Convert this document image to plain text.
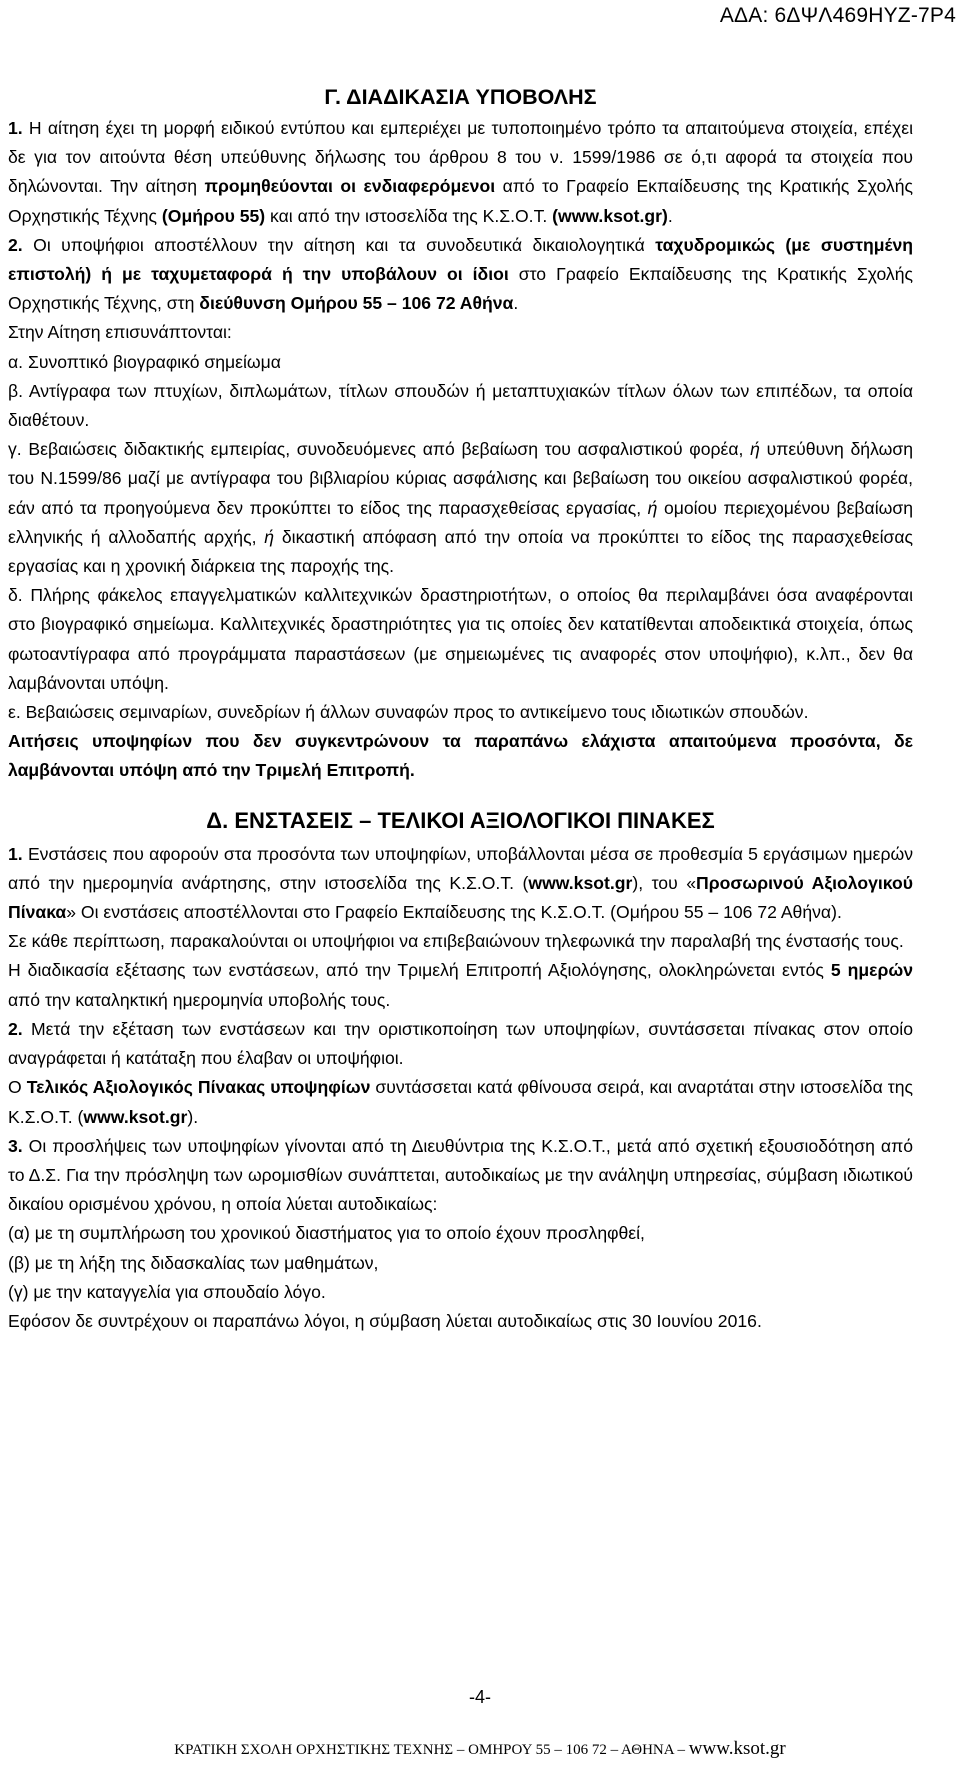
ΑΔΑ: 6ΔΨΛ469ΗΥΖ-7Ρ4
Γ. ΔΙΑΔΙΚΑΣΙΑ ΥΠΟΒΟΛΗΣ

1. Η αίτηση έχει τη μορφή ειδικού εντύπου και εμπεριέχει με τυποποιημένο τρόπο τα απαιτούμενα στοιχεία, επέχει δε για τον αιτούντα θέση υπεύθυνης δήλωσης του άρθρου 8 του ν. 1599/1986 σε ό,τι αφορά τα στοιχεία που δηλώνονται. Την αίτηση προμηθεύονται οι ενδιαφερόμενοι από το Γραφείο Εκπαίδευσης της Κρατικής Σχολής Ορχηστικής Τέχνης (Ομήρου 55) και από την ιστοσελίδα της Κ.Σ.Ο.Τ. (www.ksot.gr).

2. Οι υποψήφιοι αποστέλλουν την αίτηση και τα συνοδευτικά δικαιολογητικά ταχυδρομικώς (με συστημένη επιστολή) ή με ταχυμεταφορά ή την υποβάλουν οι ίδιοι στο Γραφείο Εκπαίδευσης της Κρατικής Σχολής Ορχηστικής Τέχνης, στη διεύθυνση Ομήρου 55 – 106 72 Αθήνα.

Στην Αίτηση επισυνάπτονται:

α. Συνοπτικό βιογραφικό σημείωμα

β. Αντίγραφα των πτυχίων, διπλωμάτων, τίτλων σπουδών ή μεταπτυχιακών τίτλων όλων των επιπέδων, τα οποία διαθέτουν.

γ. Βεβαιώσεις διδακτικής εμπειρίας, συνοδευόμενες από βεβαίωση του ασφαλιστικού φορέα, ή υπεύθυνη δήλωση του Ν.1599/86 μαζί με αντίγραφα του βιβλιαρίου κύριας ασφάλισης και βεβαίωση του οικείου ασφαλιστικού φορέα, εάν από τα προηγούμενα δεν προκύπτει το είδος της παρασχεθείσας εργασίας, ή ομοίου περιεχομένου βεβαίωση ελληνικής ή αλλοδαπής αρχής, ή δικαστική απόφαση από την οποία να προκύπτει το είδος της παρασχεθείσας εργασίας και η χρονική διάρκεια της παροχής της.

δ. Πλήρης φάκελος επαγγελματικών καλλιτεχνικών δραστηριοτήτων, ο οποίος θα περιλαμβάνει όσα αναφέρονται στο βιογραφικό σημείωμα. Καλλιτεχνικές δραστηριότητες για τις οποίες δεν κατατίθενται αποδεικτικά στοιχεία, όπως φωτοαντίγραφα από προγράμματα παραστάσεων (με σημειωμένες τις αναφορές στον υποψήφιο), κ.λπ., δεν θα λαμβάνονται υπόψη.

ε. Βεβαιώσεις σεμιναρίων, συνεδρίων ή άλλων συναφών προς το αντικείμενο τους ιδιωτικών σπουδών.

Αιτήσεις υποψηφίων που δεν συγκεντρώνουν τα παραπάνω ελάχιστα απαιτούμενα προσόντα, δε λαμβάνονται υπόψη από την Τριμελή Επιτροπή.

Δ. ΕΝΣΤΑΣΕΙΣ – ΤΕΛΙΚΟΙ ΑΞΙΟΛΟΓΙΚΟΙ ΠΙΝΑΚΕΣ

1. Ενστάσεις που αφορούν στα προσόντα των υποψηφίων, υποβάλλονται μέσα σε προθεσμία 5 εργάσιμων ημερών από την ημερομηνία ανάρτησης, στην ιστοσελίδα της Κ.Σ.Ο.Τ. (www.ksot.gr), του «Προσωρινού Αξιολογικού Πίνακα» Οι ενστάσεις αποστέλλονται στο Γραφείο Εκπαίδευσης της Κ.Σ.Ο.Τ. (Ομήρου 55 – 106 72 Αθήνα).

Σε κάθε περίπτωση, παρακαλούνται οι υποψήφιοι να επιβεβαιώνουν τηλεφωνικά την παραλαβή της ένστασής τους.

Η διαδικασία εξέτασης των ενστάσεων, από την Τριμελή Επιτροπή Αξιολόγησης, ολοκληρώνεται εντός 5 ημερών από την καταληκτική ημερομηνία υποβολής τους.

2. Μετά την εξέταση των ενστάσεων και την οριστικοποίηση των υποψηφίων, συντάσσεται πίνακας στον οποίο αναγράφεται ή κατάταξη που έλαβαν οι υποψήφιοι.

Ο Τελικός Αξιολογικός Πίνακας υποψηφίων συντάσσεται κατά φθίνουσα σειρά, και αναρτάται στην ιστοσελίδα της Κ.Σ.Ο.Τ. (www.ksot.gr).

3. Οι προσλήψεις των υποψηφίων γίνονται από τη Διευθύντρια της Κ.Σ.Ο.Τ., μετά από σχετική εξουσιοδότηση από το Δ.Σ. Για την πρόσληψη των ωρομισθίων συνάπτεται, αυτοδικαίως με την ανάληψη υπηρεσίας, σύμβαση ιδιωτικού δικαίου ορισμένου χρόνου, η οποία λύεται αυτοδικαίως:

(α) με τη συμπλήρωση του χρονικού διαστήματος για το οποίο έχουν προσληφθεί,

(β) με τη λήξη της διδασκαλίας των μαθημάτων,

(γ) με την καταγγελία για σπουδαίο λόγο.

Εφόσον δε συντρέχουν οι παραπάνω λόγοι, η σύμβαση λύεται αυτοδικαίως στις 30 Ιουνίου 2016.

-4-
ΚΡΑΤΙΚΗ ΣΧΟΛΗ ΟΡΧΗΣΤΙΚΗΣ ΤΕΧΝΗΣ – ΟΜΗΡΟΥ 55 – 106 72 – ΑΘΗΝΑ – www.ksot.gr
